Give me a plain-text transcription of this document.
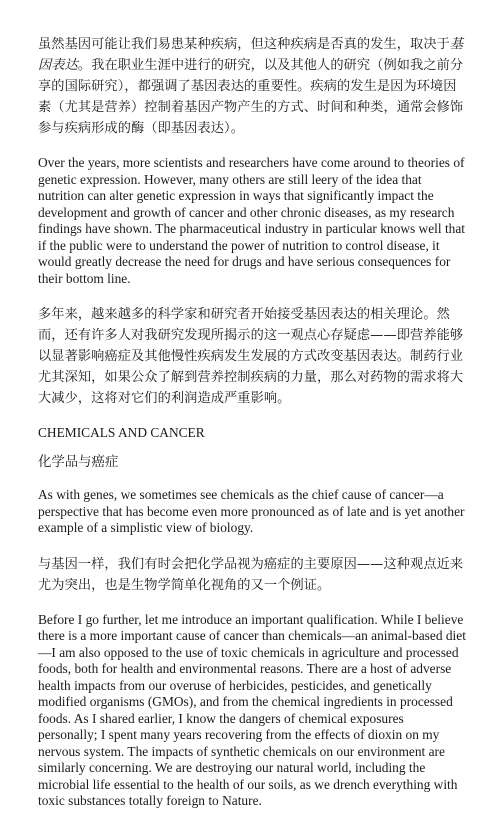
虽然基因可能让我们易患某种疾病，但这种疾病是否真的发生，取决于基因表达。我在职业生涯中进行的研究，以及其他人的研究（例如我之前分享的国际研究），都强调了基因表达的重要性。疾病的发生是因为环境因素（尤其是营养）控制着基因产物产生的方式、时间和种类，通常会修饰参与疾病形成的酶（即基因表达）。

Over the years, more scientists and researchers have come around to theories of genetic expression. However, many others are still leery of the idea that nutrition can alter genetic expression in ways that significantly impact the development and growth of cancer and other chronic diseases, as my research findings have shown. The pharmaceutical industry in particular knows well that if the public were to understand the power of nutrition to control disease, it would greatly decrease the need for drugs and have serious consequences for their bottom line.

多年来，越来越多的科学家和研究者开始接受基因表达的相关理论。然而，还有许多人对我研究发现所揭示的这一观点心存疑虑——即营养能够以显著影响癌症及其他慢性疾病发生发展的方式改变基因表达。制药行业尤其深知，如果公众了解到营养控制疾病的力量，那么对药物的需求将大大减少，这将对它们的利润造成严重影响。

CHEMICALS AND CANCER

化学品与癌症

As with genes, we sometimes see chemicals as the chief cause of cancer—a perspective that has become even more pronounced as of late and is yet another example of a simplistic view of biology.

与基因一样，我们有时会把化学品视为癌症的主要原因——这种观点近来尤为突出，也是生物学简单化视角的又一个例证。

Before I go further, let me introduce an important qualification. While I believe there is a more important cause of cancer than chemicals—an animal-based diet—I am also opposed to the use of toxic chemicals in agriculture and processed foods, both for health and environmental reasons. There are a host of adverse health impacts from our overuse of herbicides, pesticides, and genetically modified organisms (GMOs), and from the chemical ingredients in processed foods. As I shared earlier, I know the dangers of chemical exposures personally; I spent many years recovering from the effects of dioxin on my nervous system. The impacts of synthetic chemicals on our environment are similarly concerning. We are destroying our natural world, including the microbial life essential to the health of our soils, as we drench everything with toxic substances totally foreign to Nature.
